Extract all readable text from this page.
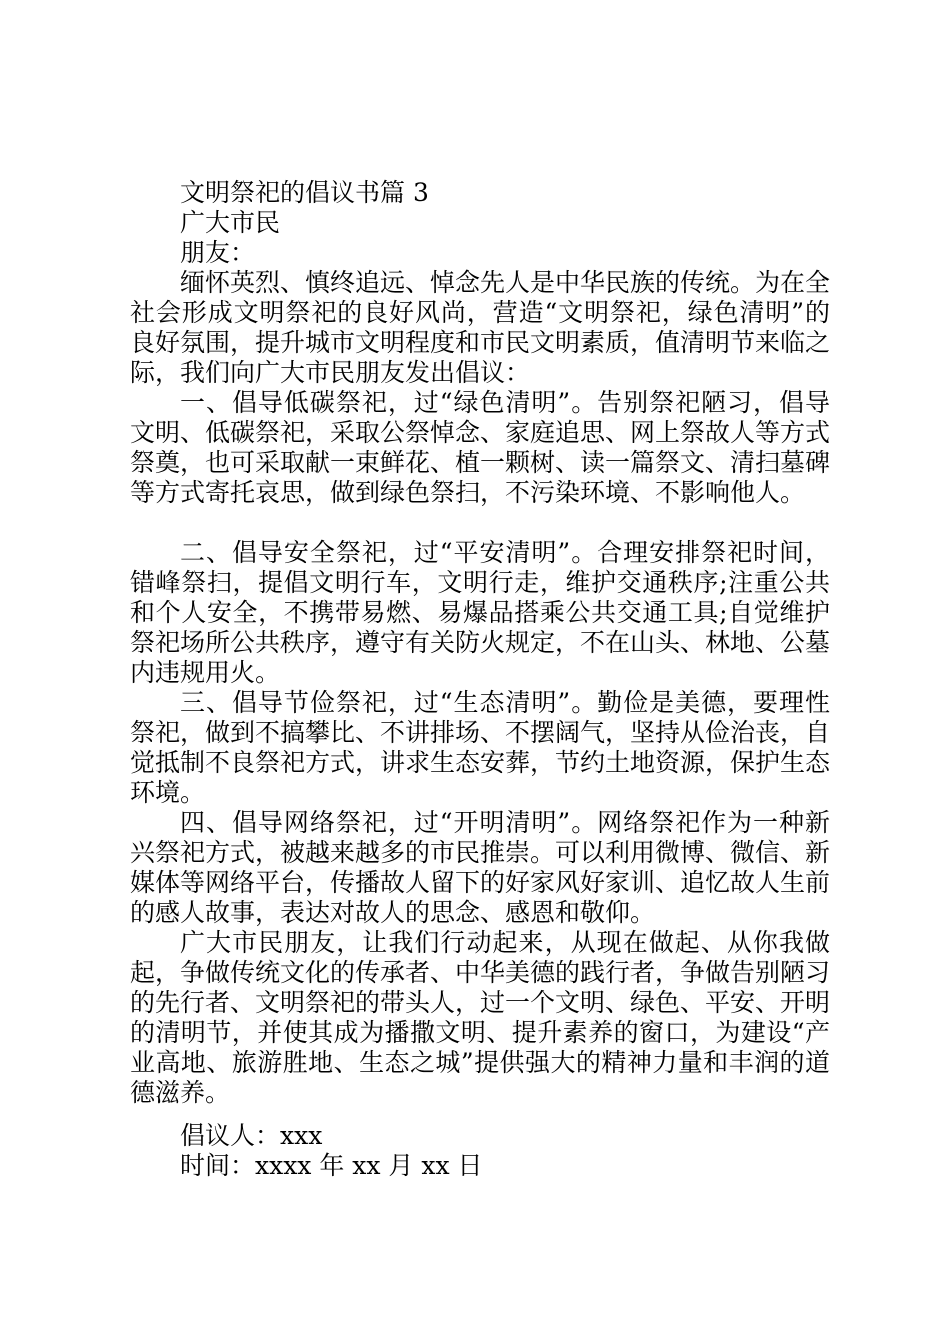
文明祭祀的倡议书篇 3
广大市民
朋友：

缅怀英烈、慎终追远、悼念先人是中华民族的传统。为在全社会形成文明祭祀的良好风尚，营造“文明祭祀，绿色清明”的良好氛围，提升城市文明程度和市民文明素质，值清明节来临之际，我们向广大市民朋友发出倡议：

一、倡导低碳祭祀，过“绿色清明”。告别祭祀陋习，倡导文明、低碳祭祀，采取公祭悼念、家庭追思、网上祭故人等方式祭奠，也可采取献一束鲜花、植一颗树、读一篇祭文、清扫墓碑等方式寄托哀思，做到绿色祭扫，不污染环境、不影响他人。

二、倡导安全祭祀，过“平安清明”。合理安排祭祀时间，错峰祭扫，提倡文明行车，文明行走，维护交通秩序;注重公共和个人安全，不携带易燃、易爆品搭乘公共交通工具;自觉维护祭祀场所公共秩序，遵守有关防火规定，不在山头、林地、公墓内违规用火。

三、倡导节俭祭祀，过“生态清明”。勤俭是美德，要理性祭祀，做到不搞攀比、不讲排场、不摆阔气，坚持从俭治丧，自觉抵制不良祭祀方式，讲求生态安葬，节约土地资源，保护生态环境。

四、倡导网络祭祀，过“开明清明”。网络祭祀作为一种新兴祭祀方式，被越来越多的市民推崇。可以利用微博、微信、新媒体等网络平台，传播故人留下的好家风好家训、追忆故人生前的感人故事，表达对故人的思念、感恩和敬仰。

广大市民朋友，让我们行动起来，从现在做起、从你我做起，争做传统文化的传承者、中华美德的践行者，争做告别陋习的先行者、文明祭祀的带头人，过一个文明、绿色、平安、开明的清明节，并使其成为播撒文明、提升素养的窗口，为建设“产业高地、旅游胜地、生态之城”提供强大的精神力量和丰润的道德滋养。

倡议人：xxx
时间：xxxx 年 xx 月 xx 日
